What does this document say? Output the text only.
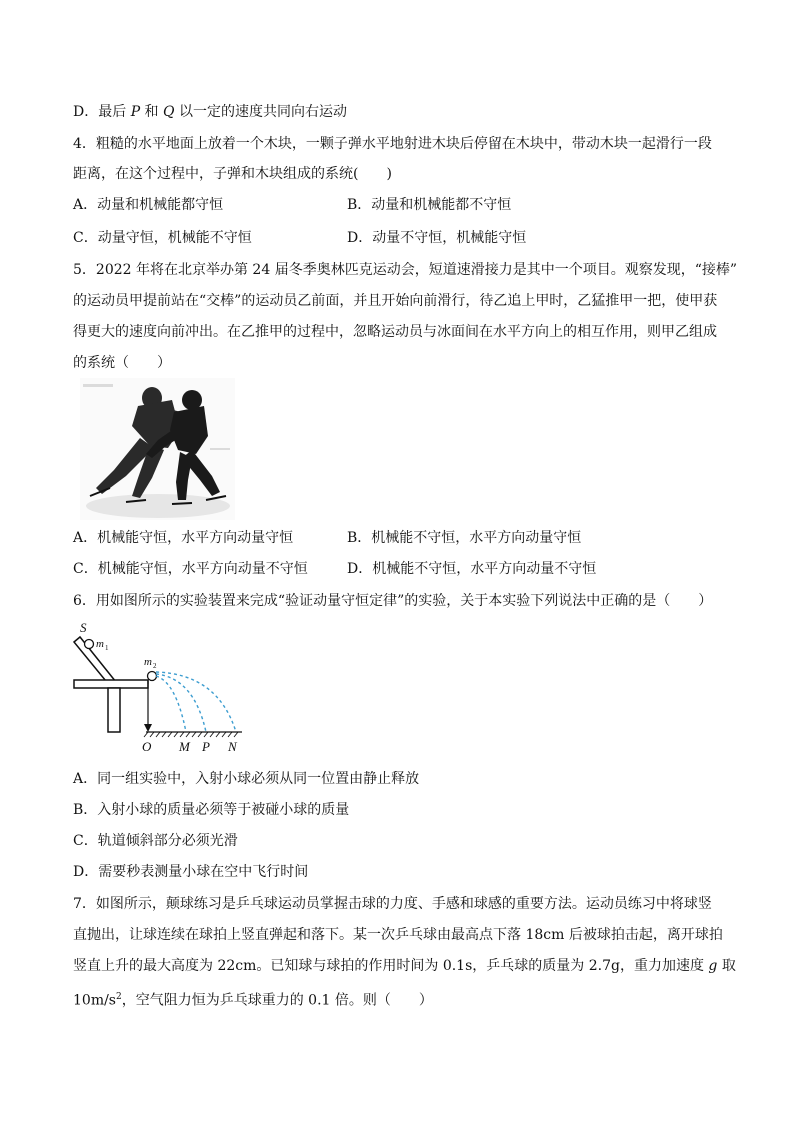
D．最后 P 和 Q 以一定的速度共同向右运动
4．粗糙的水平地面上放着一个木块，一颗子弹水平地射进木块后停留在木块中，带动木块一起滑行一段
距离，在这个过程中，子弹和木块组成的系统(　　)
A．动量和机械能都守恒	B．动量和机械能都不守恒
C．动量守恒，机械能不守恒	D．动量不守恒，机械能守恒
5．2022 年将在北京举办第 24 届冬季奥林匹克运动会，短道速滑接力是其中一个项目。观察发现，“接棒”
的运动员甲提前站在“交棒”的运动员乙前面，并且开始向前滑行，待乙追上甲时，乙猛推甲一把，使甲获
得更大的速度向前冲出。在乙推甲的过程中，忽略运动员与冰面间在水平方向上的相互作用，则甲乙组成
的系统（　　）
A．机械能守恒，水平方向动量守恒	B．机械能不守恒，水平方向动量守恒
C．机械能守恒，水平方向动量不守恒	D．机械能不守恒，水平方向动量不守恒
6．用如图所示的实验装置来完成“验证动量守恒定律”的实验，关于本实验下列说法中正确的是（　　）
S
m 1
m 2
O M P N
A．同一组实验中，入射小球必须从同一位置由静止释放
B．入射小球的质量必须等于被碰小球的质量
C．轨道倾斜部分必须光滑
D．需要秒表测量小球在空中飞行时间
7．如图所示，颠球练习是乒乓球运动员掌握击球的力度、手感和球感的重要方法。运动员练习中将球竖
直抛出，让球连续在球拍上竖直弹起和落下。某一次乒乓球由最高点下落 18cm 后被球拍击起，离开球拍
竖直上升的最大高度为 22cm。已知球与球拍的作用时间为 0.1s，乒乓球的质量为 2.7g，重力加速度 g 取
$10m/s^2$，空气阻力恒为乒乓球重力的 0.1 倍。则（　　）
